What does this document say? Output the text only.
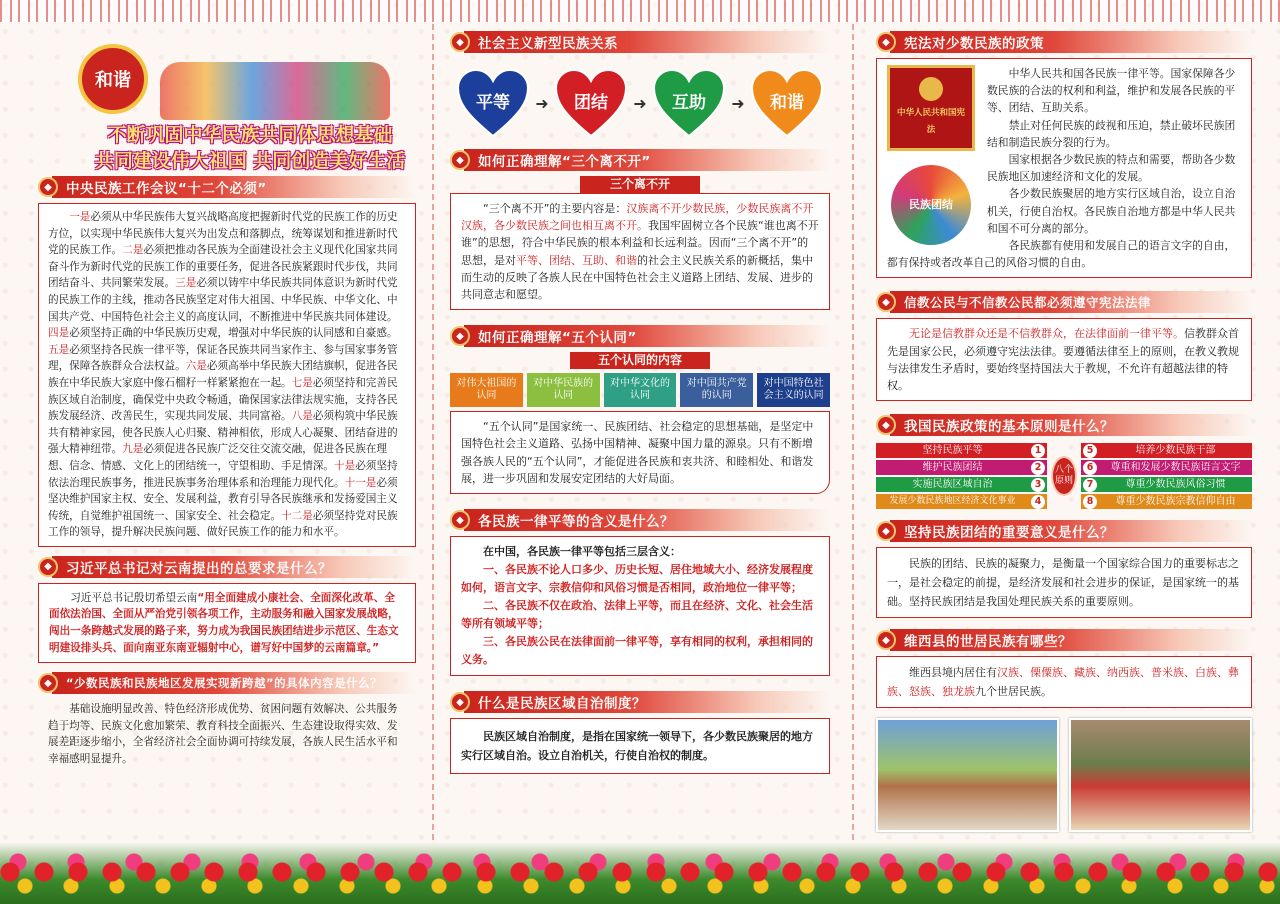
和谐
不断巩固中华民族共同体思想基础
共同建设伟大祖国 共同创造美好生活
◆	中央民族工作会议“十二个必须”

一是必须从中华民族伟大复兴战略高度把握新时代党的民族工作的历史方位，以实现中华民族伟大复兴为出发点和落脚点，统筹谋划和推进新时代党的民族工作。二是必须把推动各民族为全面建设社会主义现代化国家共同奋斗作为新时代党的民族工作的重要任务，促进各民族紧跟时代步伐，共同团结奋斗、共同繁荣发展。三是必须以铸牢中华民族共同体意识为新时代党的民族工作的主线，推动各民族坚定对伟大祖国、中华民族、中华文化、中国共产党、中国特色社会主义的高度认同，不断推进中华民族共同体建设。四是必须坚持正确的中华民族历史观，增强对中华民族的认同感和自豪感。五是必须坚持各民族一律平等，保证各民族共同当家作主、参与国家事务管理，保障各族群众合法权益。六是必须高举中华民族大团结旗帜，促进各民族在中华民族大家庭中像石榴籽一样紧紧抱在一起。七是必须坚持和完善民族区域自治制度，确保党中央政令畅通，确保国家法律法规实施，支持各民族发展经济、改善民生，实现共同发展、共同富裕。八是必须构筑中华民族共有精神家园，使各民族人心归聚、精神相依，形成人心凝聚、团结奋进的强大精神纽带。九是必须促进各民族广泛交往交流交融，促进各民族在理想、信念、情感、文化上的团结统一，守望相助、手足情深。十是必须坚持依法治理民族事务，推进民族事务治理体系和治理能力现代化。十一是必须坚决维护国家主权、安全、发展利益，教育引导各民族继承和发扬爱国主义传统，自觉维护祖国统一、国家安全、社会稳定。十二是必须坚持党对民族工作的领导，提升解决民族问题、做好民族工作的能力和水平。

◆	习近平总书记对云南提出的总要求是什么？

习近平总书记殷切希望云南“用全面建成小康社会、全面深化改革、全面依法治国、全面从严治党引领各项工作，主动服务和融入国家发展战略，闯出一条跨越式发展的路子来，努力成为我国民族团结进步示范区、生态文明建设排头兵、面向南亚东南亚辐射中心，谱写好中国梦的云南篇章。”

◆	“少数民族和民族地区发展实现新跨越”的具体内容是什么？

基础设施明显改善、特色经济形成优势、贫困问题有效解决、公共服务趋于均等、民族文化愈加繁荣、教育科技全面振兴、生态建设取得实效、发展差距逐步缩小，全省经济社会全面协调可持续发展，各族人民生活水平和幸福感明显提升。

◆	社会主义新型民族关系
平等 ➜ 团结 ➜ 互助 ➜ 和谐
◆	如何正确理解“三个离不开”
三个离不开

“三个离不开”的主要内容是：汉族离不开少数民族，少数民族离不开汉族，各少数民族之间也相互离不开。我国牢固树立各个民族“谁也离不开谁”的思想，符合中华民族的根本利益和长远利益。因而“三个离不开”的思想，是对平等、团结、互助、和谐的社会主义民族关系的新概括，集中而生动的反映了各族人民在中国特色社会主义道路上团结、发展、进步的共同意志和愿望。

◆	如何正确理解“五个认同”
五个认同的内容
对伟大祖国的认同
对中华民族的认同
对中华文化的认同
对中国共产党的认同
对中国特色社会主义的认同

“五个认同”是国家统一、民族团结、社会稳定的思想基础，是坚定中国特色社会主义道路、弘扬中国精神、凝聚中国力量的源泉。只有不断增强各族人民的“五个认同”，才能促进各民族和衷共济、和睦相处、和谐发展，进一步巩固和发展安定团结的大好局面。

◆	各民族一律平等的含义是什么？

在中国，各民族一律平等包括三层含义：

一、各民族不论人口多少、历史长短、居住地域大小、经济发展程度如何，语言文字、宗教信仰和风俗习惯是否相同，政治地位一律平等；

二、各民族不仅在政治、法律上平等，而且在经济、文化、社会生活等所有领域平等；

三、各民族公民在法律面前一律平等，享有相同的权利，承担相同的义务。

◆	什么是民族区域自治制度？

民族区域自治制度，是指在国家统一领导下，各少数民族聚居的地方实行区域自治。设立自治机关，行使自治权的制度。

◆	宪法对少数民族的政策
中华人民共和国宪法
民族团结

中华人民共和国各民族一律平等。国家保障各少数民族的合法的权利和利益，维护和发展各民族的平等、团结、互助关系。

禁止对任何民族的歧视和压迫，禁止破坏民族团结和制造民族分裂的行为。

国家根据各少数民族的特点和需要，帮助各少数民族地区加速经济和文化的发展。

各少数民族聚居的地方实行区域自治，设立自治机关，行使自治权。各民族自治地方都是中华人民共和国不可分离的部分。

各民族都有使用和发展自己的语言文字的自由，都有保持或者改革自己的风俗习惯的自由。

◆	信教公民与不信教公民都必须遵守宪法法律

无论是信教群众还是不信教群众，在法律面前一律平等。信教群众首先是国家公民，必须遵守宪法法律。要遵循法律至上的原则，在教义教规与法律发生矛盾时，要始终坚持国法大于教规，不允许有超越法律的特权。

◆	我国民族政策的基本原则是什么？
坚持民族平等	1
维护民族团结	2
实施民族区域自治	3
发展少数民族地区经济文化事业	4
八个原则
5	培养少数民族干部
6	尊重和发展少数民族语言文字
7	尊重少数民族风俗习惯
8	尊重少数民族宗教信仰自由
◆	坚持民族团结的重要意义是什么？

民族的团结、民族的凝聚力，是衡量一个国家综合国力的重要标志之一，是社会稳定的前提，是经济发展和社会进步的保证，是国家统一的基础。坚持民族团结是我国处理民族关系的重要原则。

◆	维西县的世居民族有哪些？

维西县境内居住有汉族、傈僳族、藏族、纳西族、普米族、白族、彝族、怒族、独龙族九个世居民族。
